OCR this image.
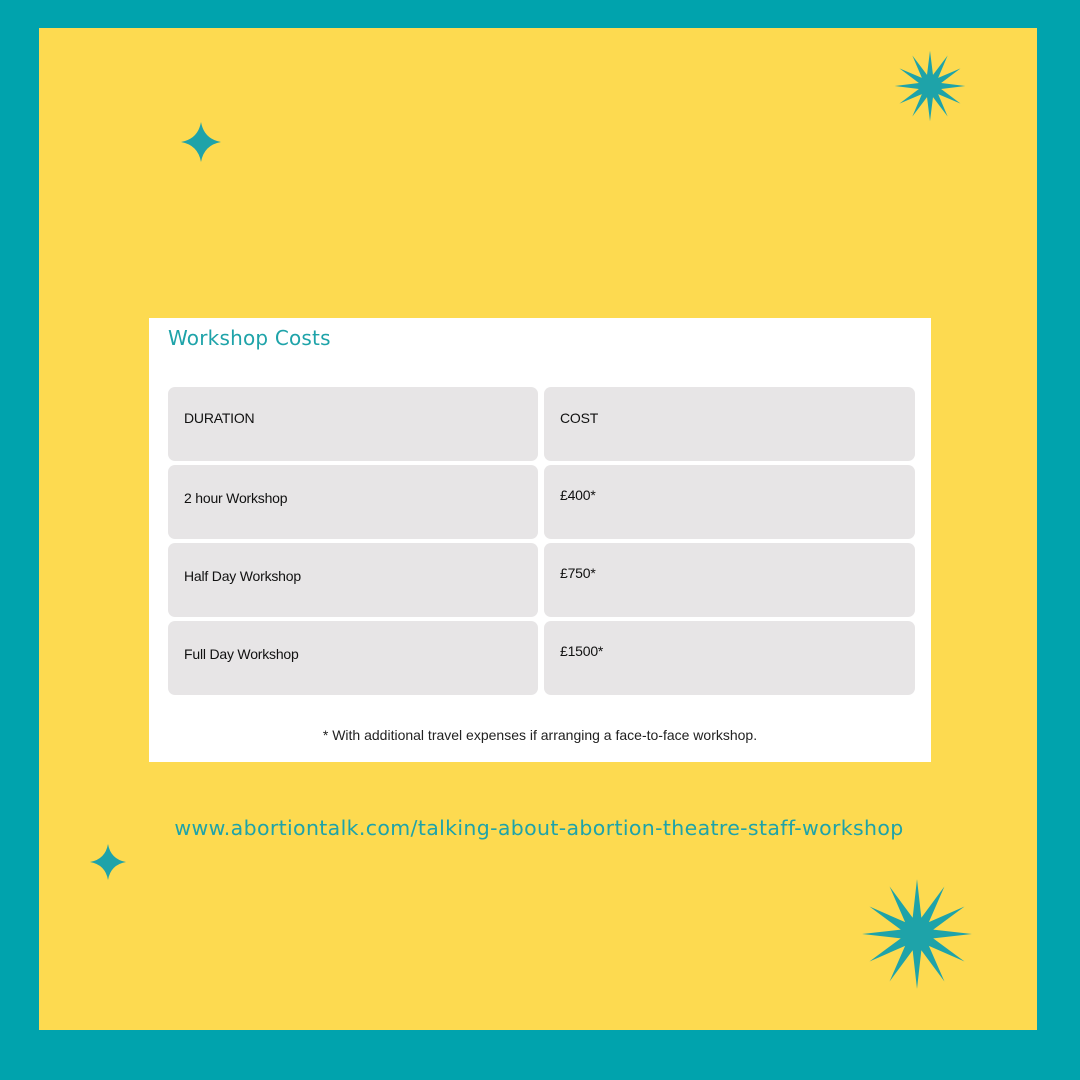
Workshop Costs
DURATION	COST
2 hour Workshop	£400*
Half Day Workshop	£750*
Full Day Workshop	£1500*
* With additional travel expenses if arranging a face-to-face workshop.
www.abortiontalk.com/talking-about-abortion-theatre-staff-workshop
